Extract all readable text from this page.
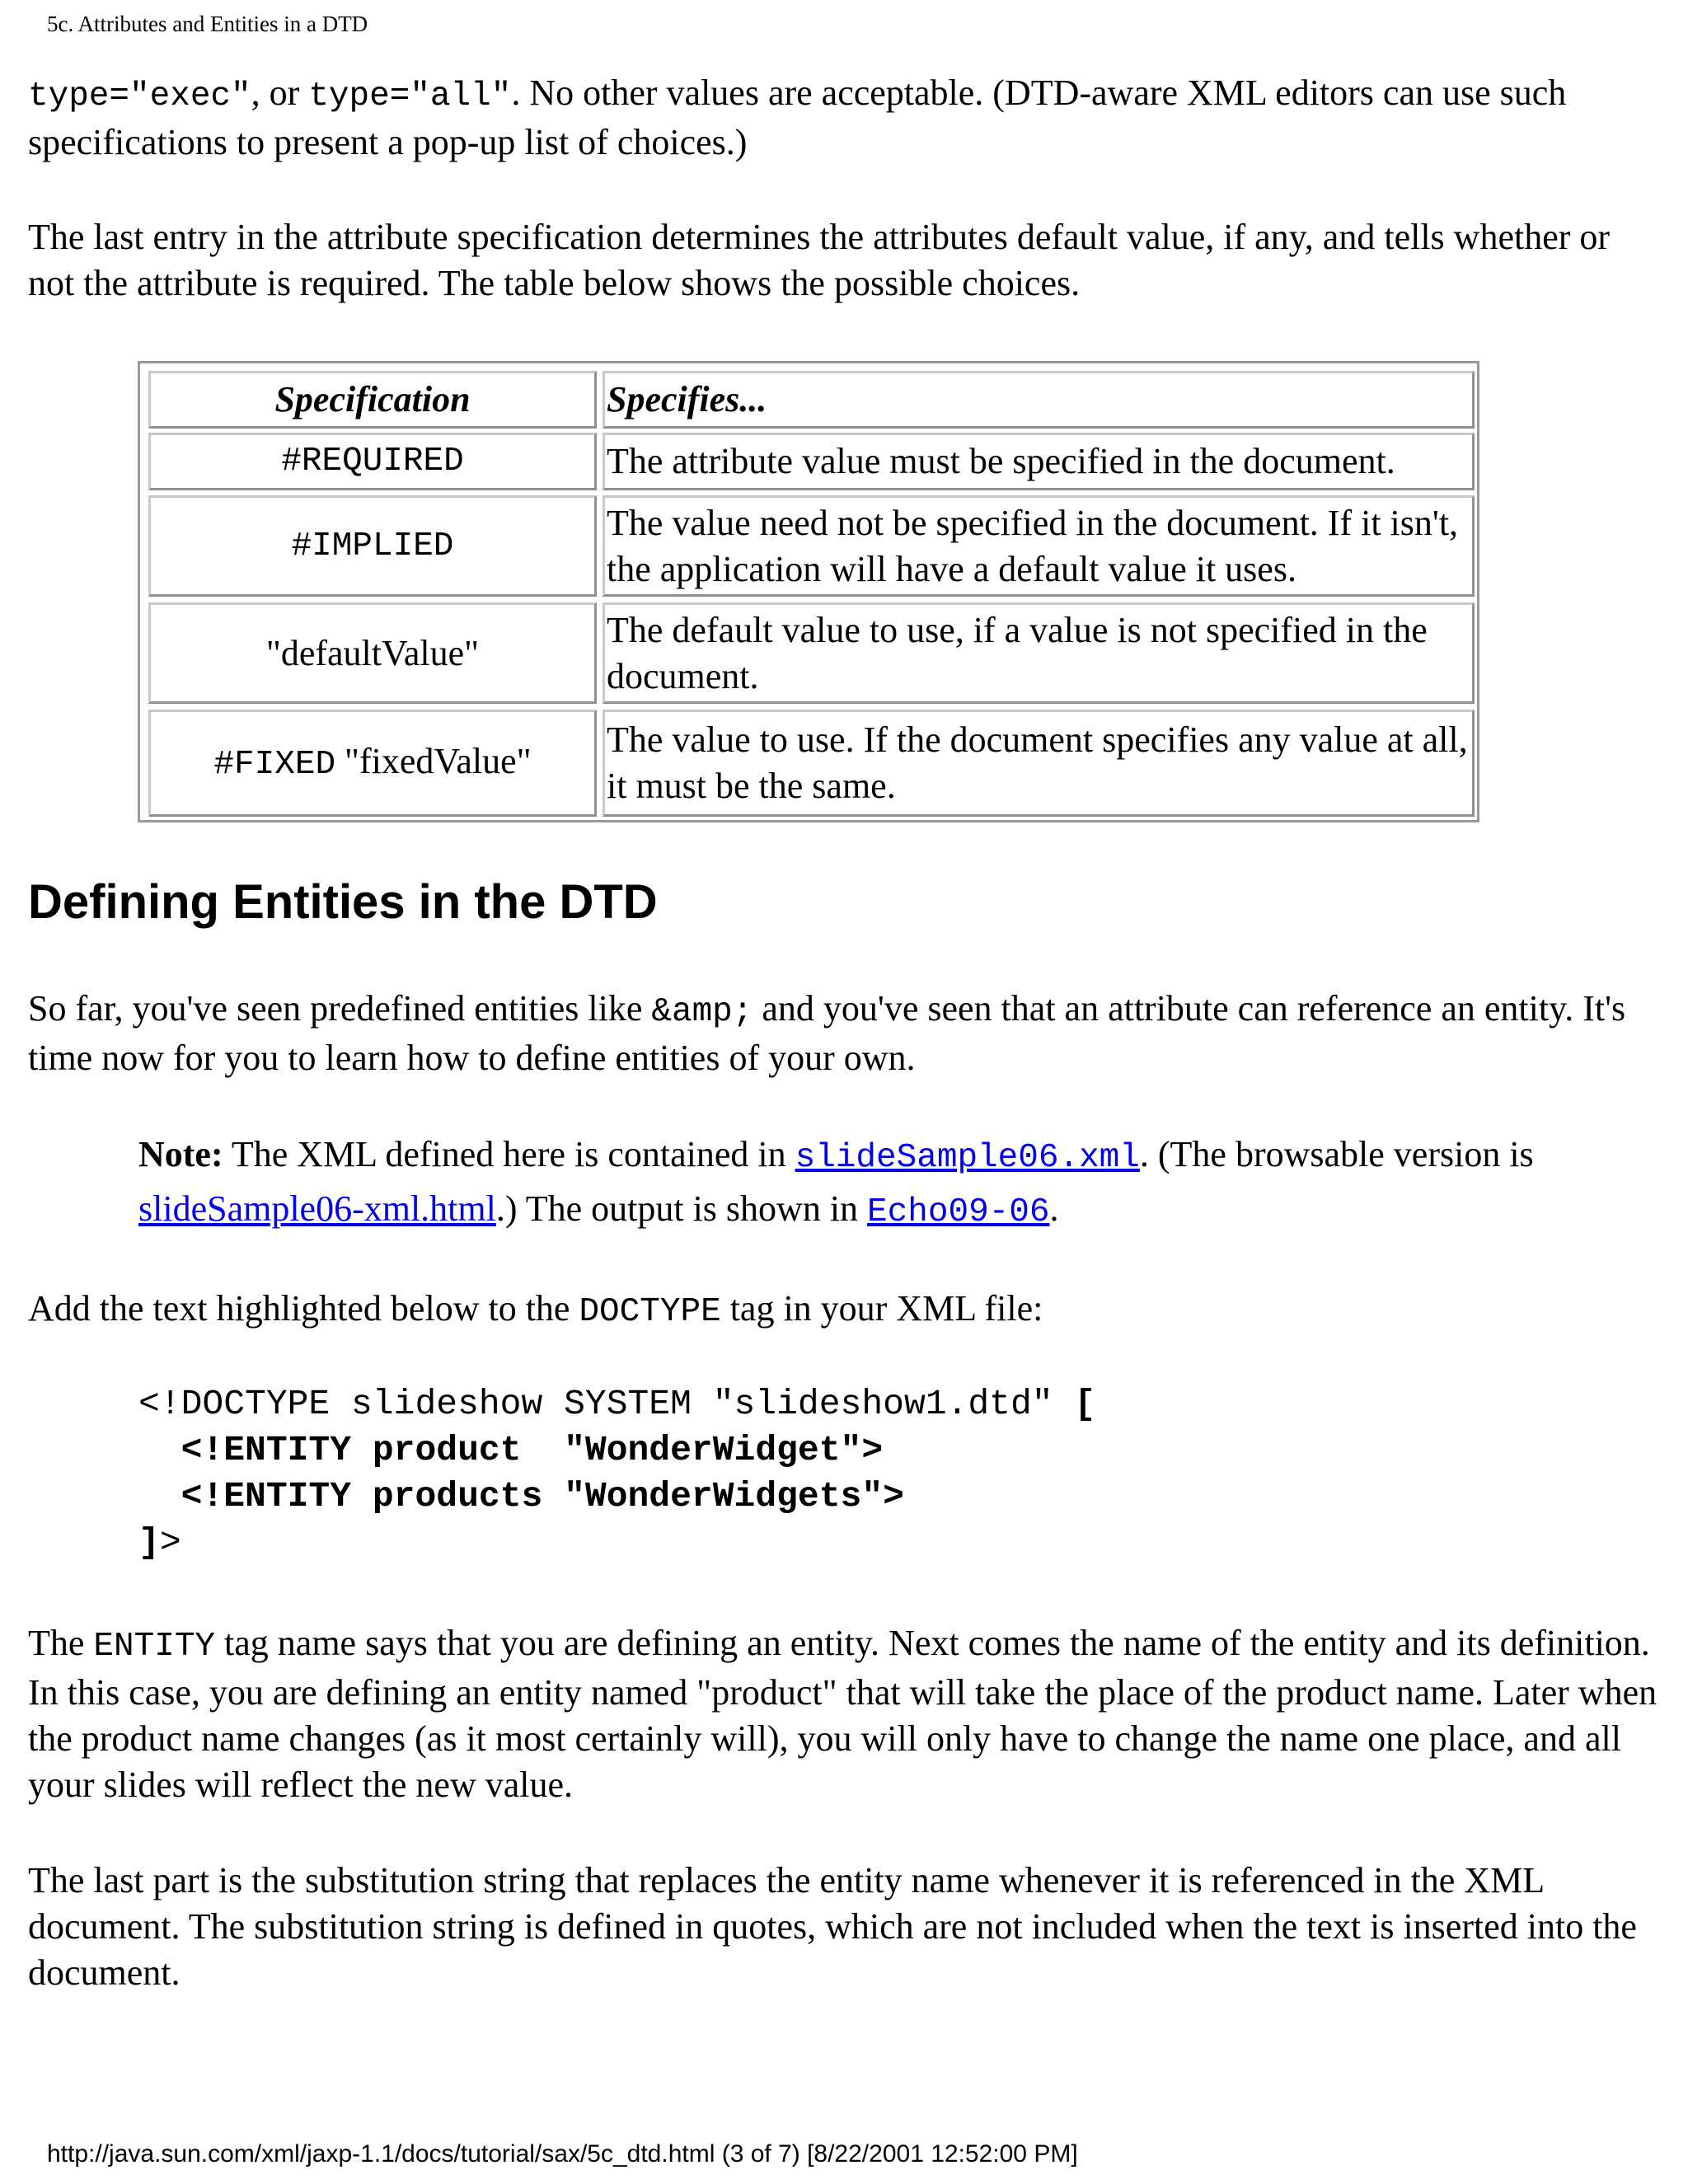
5c. Attributes and Entities in a DTD

type="exec", or type="all". No other values are acceptable. (DTD-aware XML editors can use such specifications to present a pop-up list of choices.)

The last entry in the attribute specification determines the attributes default value, if any, and tells whether or not the attribute is required. The table below shows the possible choices.

Specification	Specifies...
#REQUIRED	The attribute value must be specified in the document.
#IMPLIED
The value need not be specified in the document. If it isn't, the application will have a default value it uses.
"defaultValue"
The default value to use, if a value is not specified in the document.
#FIXED "fixedValue"
The value to use. If the document specifies any value at all, it must be the same.
Defining Entities in the DTD

So far, you've seen predefined entities like &amp; and you've seen that an attribute can reference an entity. It's time now for you to learn how to define entities of your own.

Note: The XML defined here is contained in slideSample06.xml. (The browsable version is slideSample06-xml.html.) The output is shown in Echo09-06.

Add the text highlighted below to the DOCTYPE tag in your XML file:

<!DOCTYPE slideshow SYSTEM "slideshow1.dtd" [
<!ENTITY product  "WonderWidget">
<!ENTITY products "WonderWidgets">
]>

The ENTITY tag name says that you are defining an entity. Next comes the name of the entity and its definition. In this case, you are defining an entity named "product" that will take the place of the product name. Later when the product name changes (as it most certainly will), you will only have to change the name one place, and all your slides will reflect the new value.

The last part is the substitution string that replaces the entity name whenever it is referenced in the XML document. The substitution string is defined in quotes, which are not included when the text is inserted into the document.

http://java.sun.com/xml/jaxp-1.1/docs/tutorial/sax/5c_dtd.html (3 of 7) [8/22/2001 12:52:00 PM]
